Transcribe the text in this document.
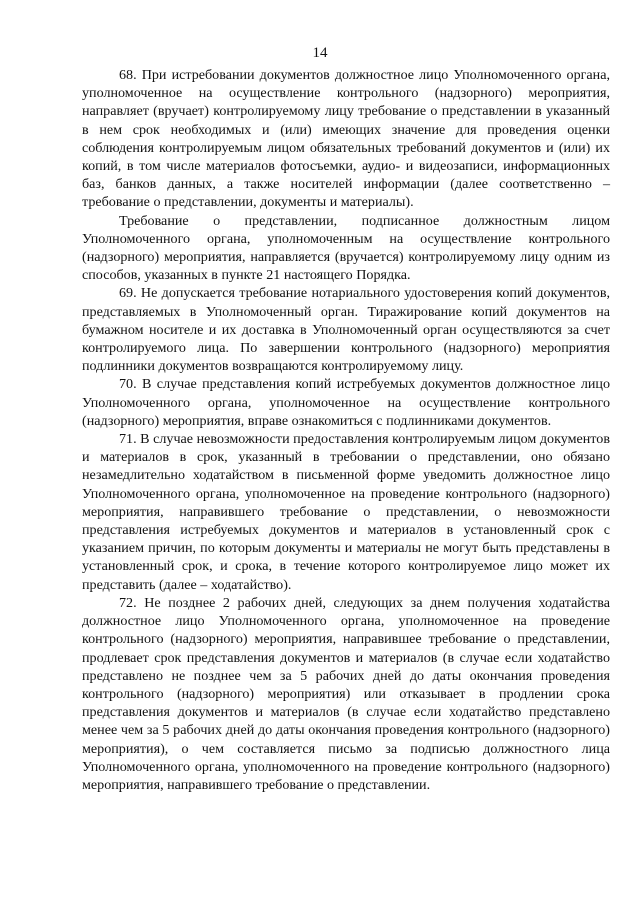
14

68. При истребовании документов должностное лицо Уполномоченного органа, уполномоченное на осуществление контрольного (надзорного) мероприятия, направляет (вручает) контролируемому лицу требование о представлении в указанный в нем срок необходимых и (или) имеющих значение для проведения оценки соблюдения контролируемым лицом обязательных требований документов и (или) их копий, в том числе материалов фотосъемки, аудио- и видеозаписи, информационных баз, банков данных, а также носителей информации (далее соответственно – требование о представлении, документы и материалы).

Требование о представлении, подписанное должностным лицом Уполномоченного органа, уполномоченным на осуществление контрольного (надзорного) мероприятия, направляется (вручается) контролируемому лицу одним из способов, указанных в пункте 21 настоящего Порядка.

69. Не допускается требование нотариального удостоверения копий документов, представляемых в Уполномоченный орган. Тиражирование копий документов на бумажном носителе и их доставка в Уполномоченный орган осуществляются за счет контролируемого лица. По завершении контрольного (надзорного) мероприятия подлинники документов возвращаются контролируемому лицу.

70. В случае представления копий истребуемых документов должностное лицо Уполномоченного органа, уполномоченное на осуществление контрольного (надзорного) мероприятия, вправе ознакомиться с подлинниками документов.

71. В случае невозможности предоставления контролируемым лицом документов и материалов в срок, указанный в требовании о представлении, оно обязано незамедлительно ходатайством в письменной форме уведомить должностное лицо Уполномоченного органа, уполномоченное на проведение контрольного (надзорного) мероприятия, направившего требование о представлении, о невозможности представления истребуемых документов и материалов в установленный срок с указанием причин, по которым документы и материалы не могут быть представлены в установленный срок, и срока, в течение которого контролируемое лицо может их представить (далее – ходатайство).

72. Не позднее 2 рабочих дней, следующих за днем получения ходатайства должностное лицо Уполномоченного органа, уполномоченное на проведение контрольного (надзорного) мероприятия, направившее требование о представлении, продлевает срок представления документов и материалов (в случае если ходатайство представлено не позднее чем за 5 рабочих дней до даты окончания проведения контрольного (надзорного) мероприятия) или отказывает в продлении срока представления документов и материалов (в случае если ходатайство представлено менее чем за 5 рабочих дней до даты окончания проведения контрольного (надзорного) мероприятия), о чем составляется письмо за подписью должностного лица Уполномоченного органа, уполномоченного на проведение контрольного (надзорного) мероприятия, направившего требование о представлении.
